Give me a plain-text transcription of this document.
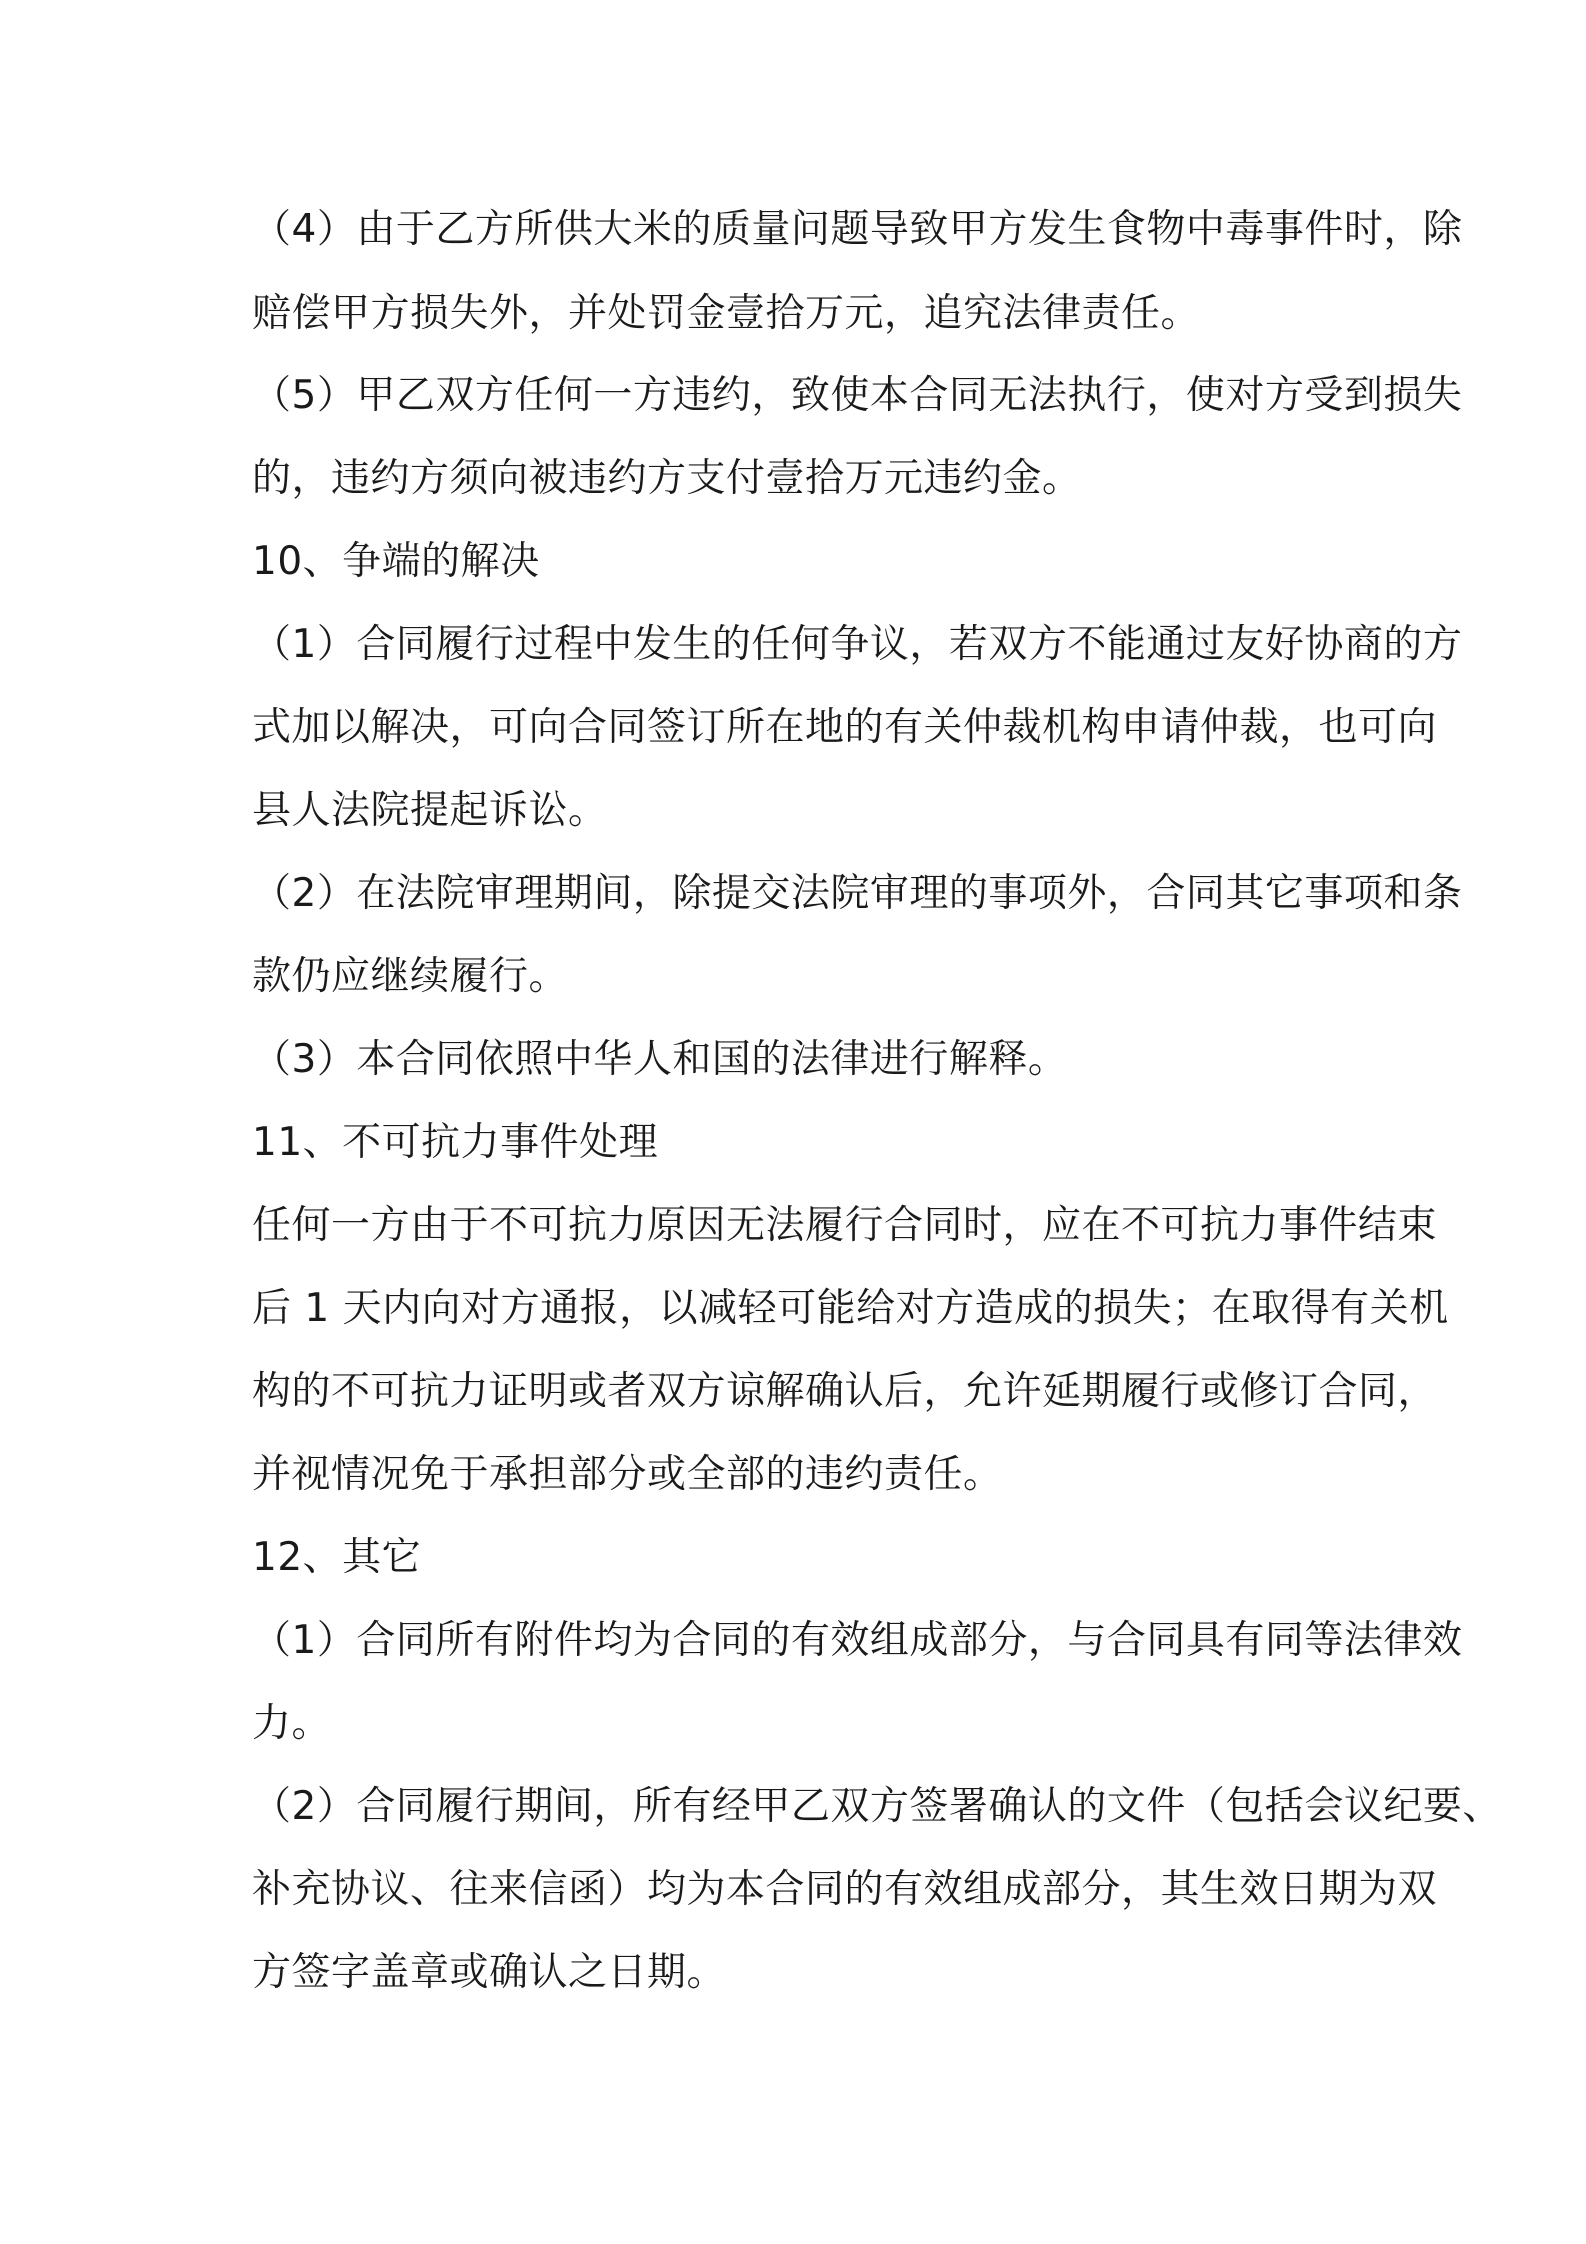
（4）由于乙方所供大米的质量问题导致甲方发生食物中毒事件时，除
赔偿甲方损失外，并处罚金壹拾万元，追究法律责任。
（5）甲乙双方任何一方违约，致使本合同无法执行，使对方受到损失
的，违约方须向被违约方支付壹拾万元违约金。
10、争端的解决
（1）合同履行过程中发生的任何争议，若双方不能通过友好协商的方
式加以解决，可向合同签订所在地的有关仲裁机构申请仲裁，也可向
县人法院提起诉讼。
（2）在法院审理期间，除提交法院审理的事项外，合同其它事项和条
款仍应继续履行。
（3）本合同依照中华人和国的法律进行解释。
11、不可抗力事件处理
任何一方由于不可抗力原因无法履行合同时，应在不可抗力事件结束
后 1 天内向对方通报，以减轻可能给对方造成的损失；在取得有关机
构的不可抗力证明或者双方谅解确认后，允许延期履行或修订合同，
并视情况免于承担部分或全部的违约责任。
12、其它
（1）合同所有附件均为合同的有效组成部分，与合同具有同等法律效
力。
（2）合同履行期间，所有经甲乙双方签署确认的文件（包括会议纪要、
补充协议、往来信函）均为本合同的有效组成部分，其生效日期为双
方签字盖章或确认之日期。
